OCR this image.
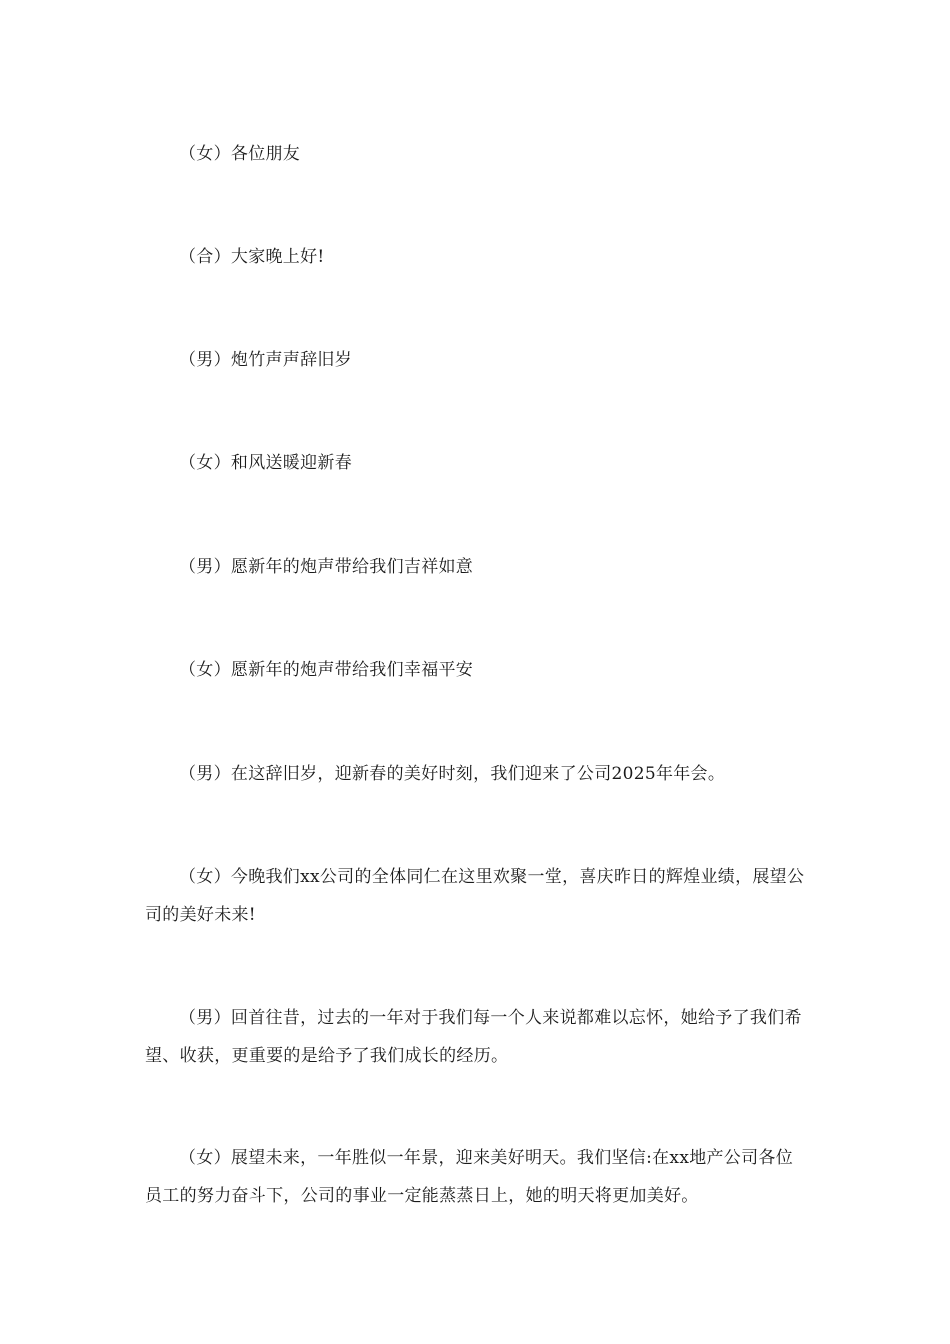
（女）各位朋友

（合）大家晚上好!

（男）炮竹声声辞旧岁

（女）和风送暖迎新春

（男）愿新年的炮声带给我们吉祥如意

（女）愿新年的炮声带给我们幸福平安

（男）在这辞旧岁，迎新春的美好时刻，我们迎来了公司2025年年会。

（女）今晚我们xx公司的全体同仁在这里欢聚一堂，喜庆昨日的辉煌业绩，展望公司的美好未来!

（男）回首往昔，过去的一年对于我们每一个人来说都难以忘怀，她给予了我们希望、收获，更重要的是给予了我们成长的经历。

（女）展望未来，一年胜似一年景，迎来美好明天。我们坚信:在xx地产公司各位员工的努力奋斗下，公司的事业一定能蒸蒸日上，她的明天将更加美好。
